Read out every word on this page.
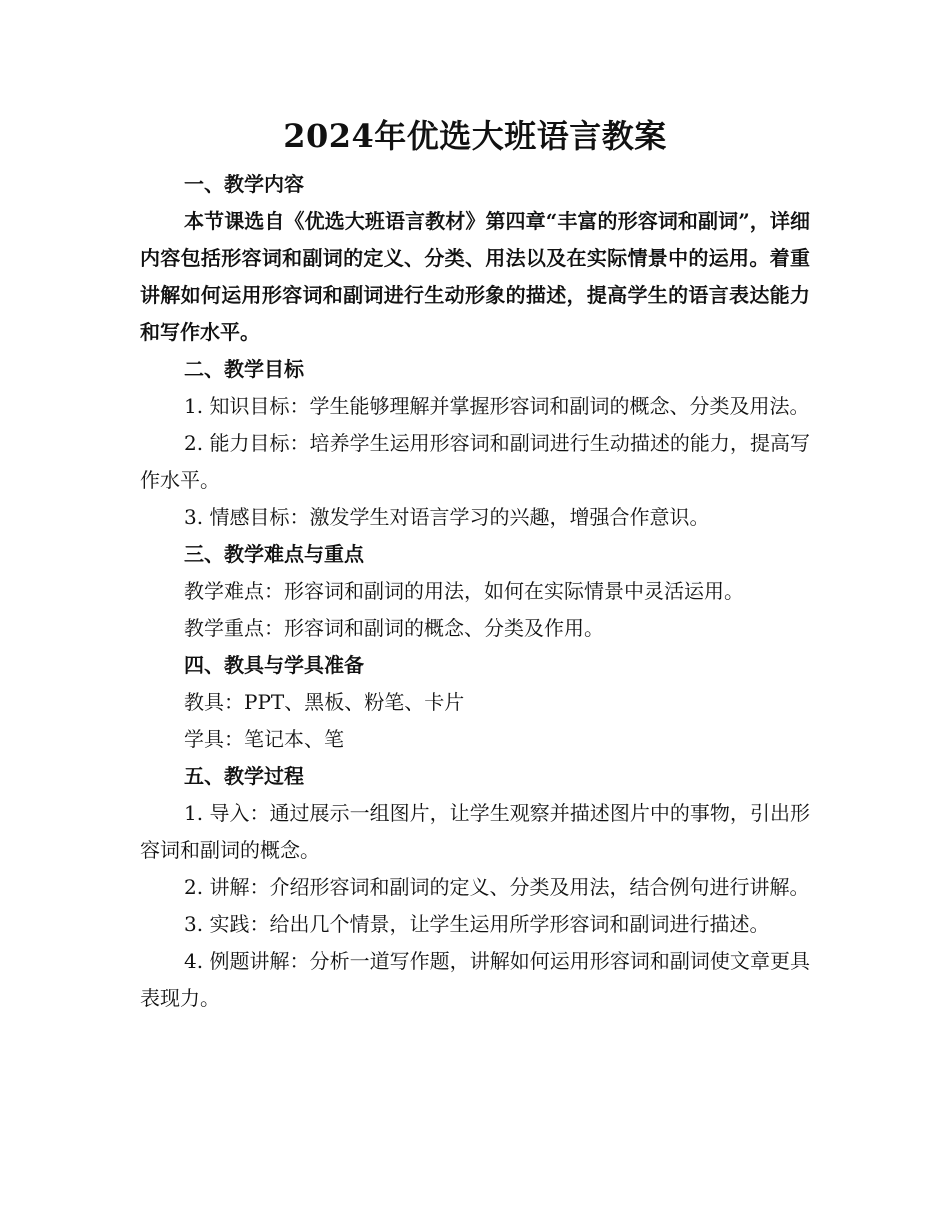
2024年优选大班语言教案

一、教学内容

本节课选自《优选大班语言教材》第四章“丰富的形容词和副词”，详细内容包括形容词和副词的定义、分类、用法以及在实际情景中的运用。着重讲解如何运用形容词和副词进行生动形象的描述，提高学生的语言表达能力和写作水平。

二、教学目标

1. 知识目标：学生能够理解并掌握形容词和副词的概念、分类及用法。

2. 能力目标：培养学生运用形容词和副词进行生动描述的能力，提高写作水平。

3. 情感目标：激发学生对语言学习的兴趣，增强合作意识。

三、教学难点与重点

教学难点：形容词和副词的用法，如何在实际情景中灵活运用。

教学重点：形容词和副词的概念、分类及作用。

四、教具与学具准备

教具：PPT、黑板、粉笔、卡片

学具：笔记本、笔

五、教学过程

1. 导入：通过展示一组图片，让学生观察并描述图片中的事物，引出形容词和副词的概念。

2. 讲解：介绍形容词和副词的定义、分类及用法，结合例句进行讲解。

3. 实践：给出几个情景，让学生运用所学形容词和副词进行描述。

4. 例题讲解：分析一道写作题，讲解如何运用形容词和副词使文章更具表现力。
